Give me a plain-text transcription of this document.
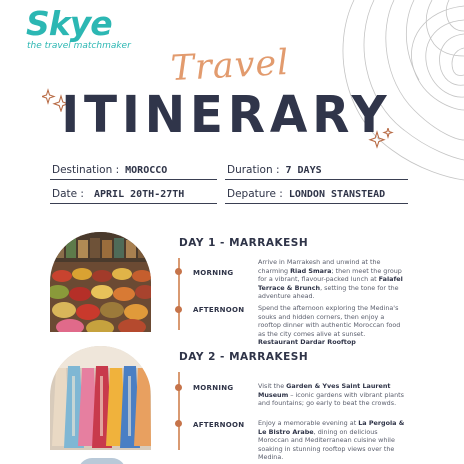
Skye
the travel matchmaker	Travel
ITINERARY
Destination : MOROCCO	Duration : 7 DAYS
Date : APRIL 20TH-27TH	Depature : LONDON STANSTEAD
DAY 1 - MARRAKESH
MORNING
Arrive in Marrakesh and unwind at the charming Riad Smara; then meet the group for a vibrant, flavour-packed lunch at Falafel Terrace & Brunch, setting the tone for the adventure ahead.
AFTERNOON Spend the afternoon exploring the Medina's souks and hidden corners, then enjoy a rooftop dinner with authentic Moroccan food as the city comes alive at sunset.
Restaurant Dardar Rooftop
DAY 2 - MARRAKESH
MORNING	Visit the Garden & Yves Saint Laurent Museum – iconic gardens with vibrant plants and fountains; go early to beat the crowds.
AFTERNOON Enjoy a memorable evening at La Pergola & Le Bistro Arabe, dining on delicious Moroccan and Mediterranean cuisine while soaking in stunning rooftop views over the Medina.
